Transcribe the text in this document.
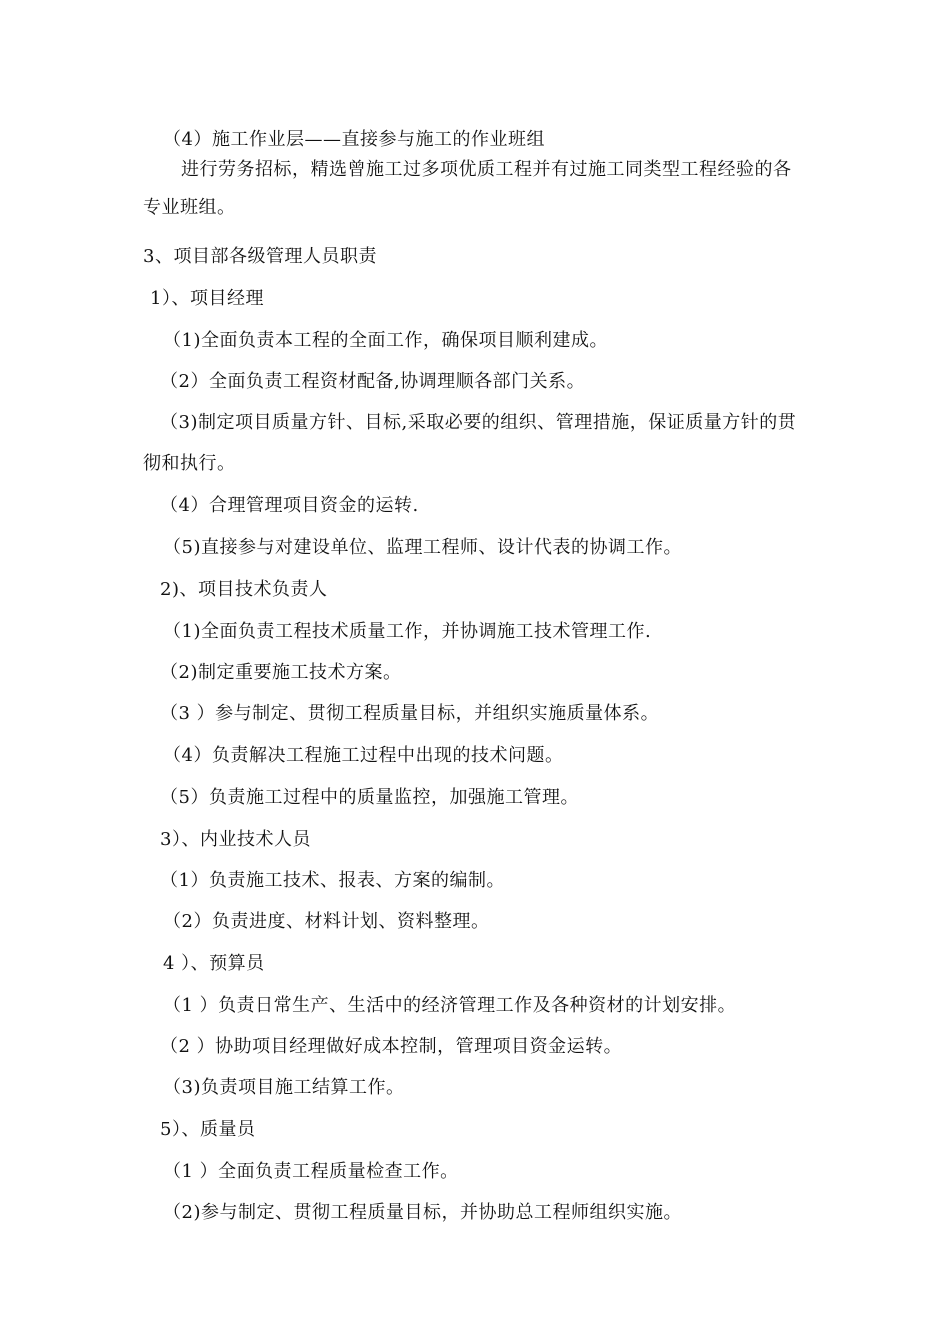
（4）施工作业层——直接参与施工的作业班组
进行劳务招标，精选曾施工过多项优质工程并有过施工同类型工程经验的各
专业班组。
3、项目部各级管理人员职责
1）、项目经理
（1)全面负责本工程的全面工作，确保项目顺利建成。
（2）全面负责工程资材配备,协调理顺各部门关系。
（3)制定项目质量方针、目标,采取必要的组织、管理措施，保证质量方针的贯
彻和执行。
（4）合理管理项目资金的运转.
（5)直接参与对建设单位、监理工程师、设计代表的协调工作。
2)、项目技术负责人
（1)全面负责工程技术质量工作，并协调施工技术管理工作.
（2)制定重要施工技术方案。
（3 ）参与制定、贯彻工程质量目标，并组织实施质量体系。
（4）负责解决工程施工过程中出现的技术问题。
（5）负责施工过程中的质量监控，加强施工管理。
3）、内业技术人员
（1）负责施工技术、报表、方案的编制。
（2）负责进度、材料计划、资料整理。
4 ）、预算员
（1 ）负责日常生产、生活中的经济管理工作及各种资材的计划安排。
（2 ）协助项目经理做好成本控制，管理项目资金运转。
（3)负责项目施工结算工作。
5）、质量员
（1 ）全面负责工程质量检查工作。
（2)参与制定、贯彻工程质量目标，并协助总工程师组织实施。
